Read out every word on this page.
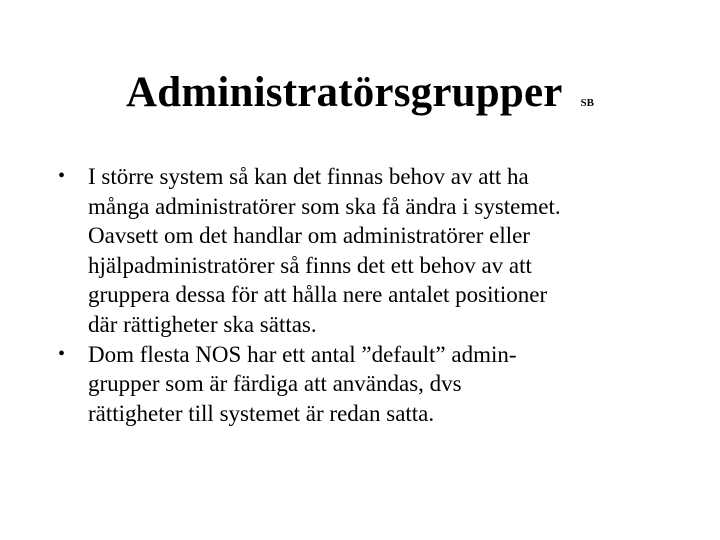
Administratörsgrupper SB
• I större system så kan det finnas behov av att ha
många administratörer som ska få ändra i systemet.
Oavsett om det handlar om administratörer eller
hjälpadministratörer så finns det ett behov av att
gruppera dessa för att hålla nere antalet positioner
där rättigheter ska sättas.
• Dom flesta NOS har ett antal ”default” admin-
grupper som är färdiga att användas, dvs
rättigheter till systemet är redan satta.
